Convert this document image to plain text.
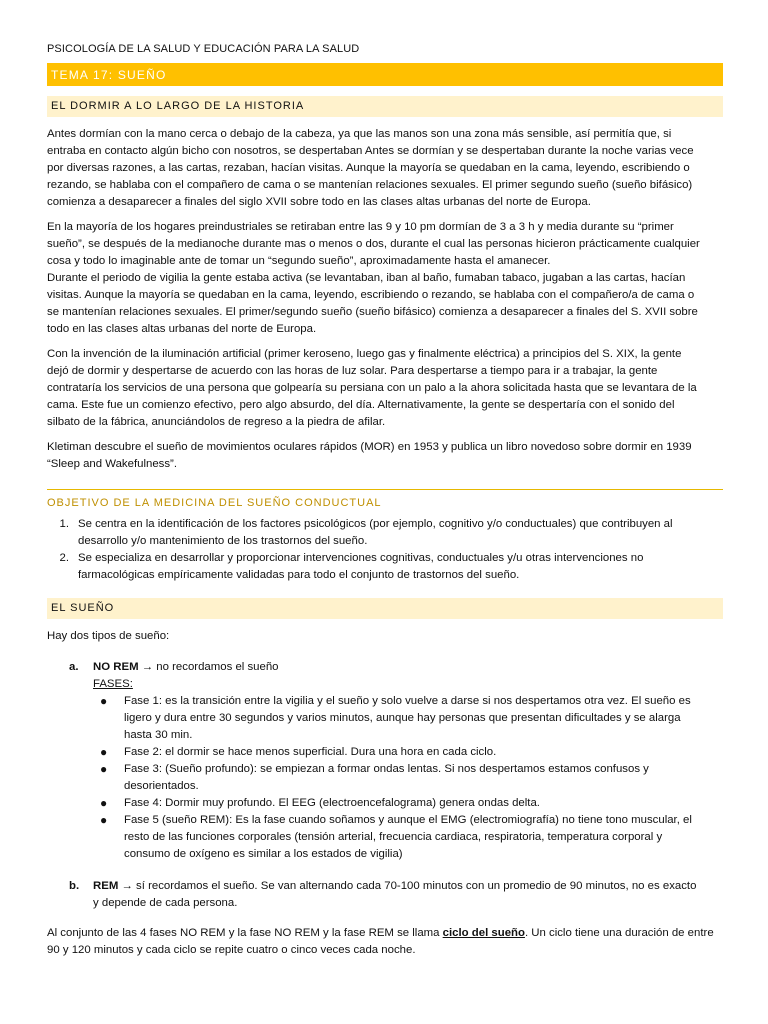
PSICOLOGÍA DE LA SALUD Y EDUCACIÓN PARA LA SALUD
TEMA 17: SUEÑO
EL DORMIR A LO LARGO DE LA HISTORIA
Antes dormían con la mano cerca o debajo de la cabeza, ya que las manos son una zona más sensible, así permitía que, si
entraba en contacto algún bicho con nosotros, se despertaban Antes se dormían y se despertaban durante la noche varias vece
por diversas razones, a las cartas, rezaban, hacían visitas. Aunque la mayoría se quedaban en la cama, leyendo, escribiendo o
rezando, se hablaba con el compañero de cama o se mantenían relaciones sexuales. El primer segundo sueño (sueño bifásico)
comienza a desaparecer a finales del siglo XVII sobre todo en las clases altas urbanas del norte de Europa.
En la mayoría de los hogares preindustriales se retiraban entre las 9 y 10 pm dormían de 3 a 3 h y media durante su “primer
sueño”, se después de la medianoche durante mas o menos o dos, durante el cual las personas hicieron prácticamente cualquier
cosa y todo lo imaginable ante de tomar un “segundo sueño”, aproximadamente hasta el amanecer.
Durante el periodo de vigilia la gente estaba activa (se levantaban, iban al baño, fumaban tabaco, jugaban a las cartas, hacían
visitas. Aunque la mayoría se quedaban en la cama, leyendo, escribiendo o rezando, se hablaba con el compañero/a de cama o
se mantenían relaciones sexuales. El primer/segundo sueño (sueño bifásico) comienza a desaparecer a finales del S. XVII sobre
todo en las clases altas urbanas del norte de Europa.
Con la invención de la iluminación artificial (primer keroseno, luego gas y finalmente eléctrica) a principios del S. XIX, la gente
dejó de dormir y despertarse de acuerdo con las horas de luz solar. Para despertarse a tiempo para ir a trabajar, la gente
contrataría los servicios de una persona que golpearía su persiana con un palo a la ahora solicitada hasta que se levantara de la
cama. Este fue un comienzo efectivo, pero algo absurdo, del día. Alternativamente, la gente se despertaría con el sonido del
silbato de la fábrica, anunciándolos de regreso a la piedra de afilar.
Kletiman descubre el sueño de movimientos oculares rápidos (MOR) en 1953 y publica un libro novedoso sobre dormir en 1939
“Sleep and Wakefulness”.
OBJETIVO DE LA MEDICINA DEL SUEÑO CONDUCTUAL
1. Se centra en la identificación de los factores psicológicos (por ejemplo, cognitivo y/o conductuales) que contribuyen al
desarrollo y/o mantenimiento de los trastornos del sueño.
2. Se especializa en desarrollar y proporcionar intervenciones cognitivas, conductuales y/u otras intervenciones no
farmacológicas empíricamente validadas para todo el conjunto de trastornos del sueño.
EL SUEÑO
Hay dos tipos de sueño:
a. NO REM → no recordamos el sueño
FASES:
● Fase 1: es la transición entre la vigilia y el sueño y solo vuelve a darse si nos despertamos otra vez. El sueño es
ligero y dura entre 30 segundos y varios minutos, aunque hay personas que presentan dificultades y se alarga
hasta 30 min.
● Fase 2: el dormir se hace menos superficial. Dura una hora en cada ciclo.
● Fase 3: (Sueño profundo): se empiezan a formar ondas lentas. Si nos despertamos estamos confusos y
desorientados.
● Fase 4: Dormir muy profundo. El EEG (electroencefalograma) genera ondas delta.
● Fase 5 (sueño REM): Es la fase cuando soñamos y aunque el EMG (electromiografía) no tiene tono muscular, el
resto de las funciones corporales (tensión arterial, frecuencia cardiaca, respiratoria, temperatura corporal y
consumo de oxígeno es similar a los estados de vigilia)
b. REM → sí recordamos el sueño. Se van alternando cada 70-100 minutos con un promedio de 90 minutos, no es exacto
y depende de cada persona.
Al conjunto de las 4 fases NO REM y la fase NO REM y la fase REM se llama ciclo del sueño. Un ciclo tiene una duración de entre
90 y 120 minutos y cada ciclo se repite cuatro o cinco veces cada noche.
